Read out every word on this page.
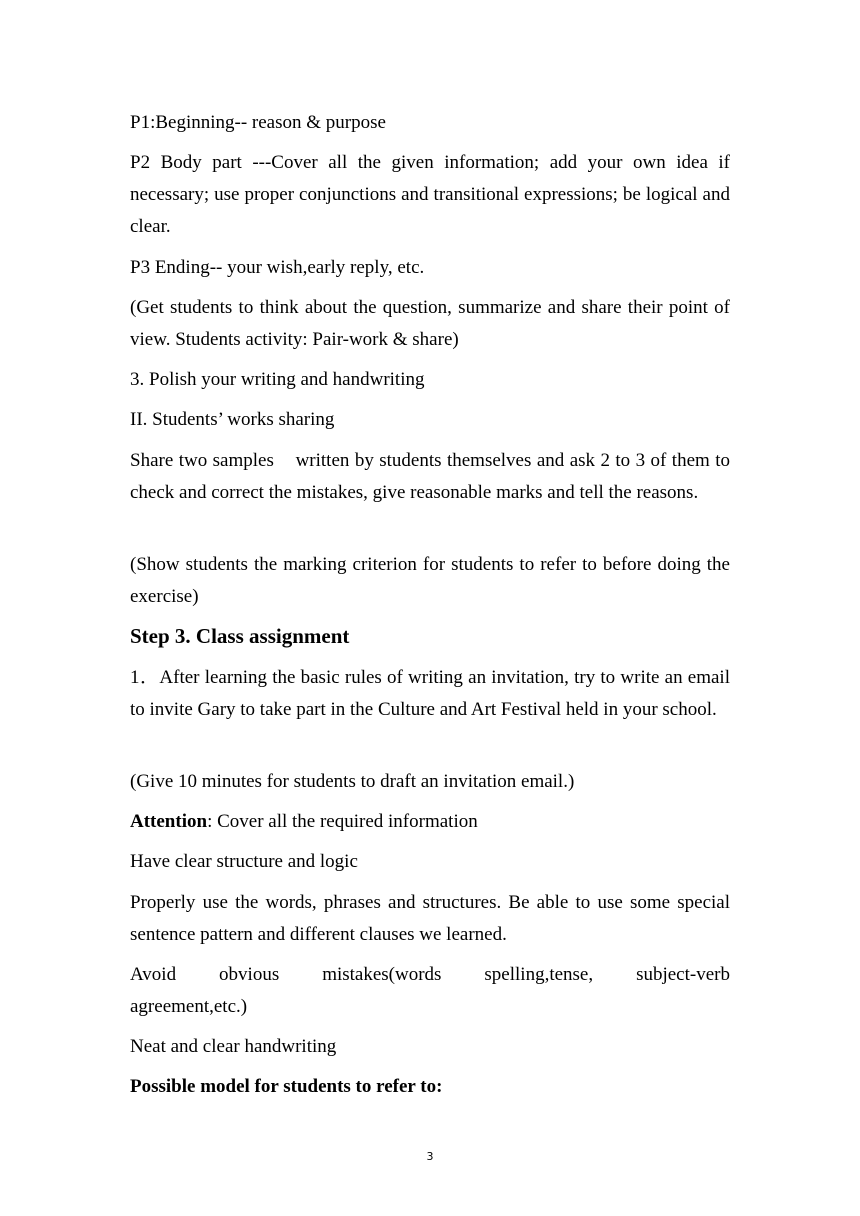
P1:Beginning-- reason & purpose

P2 Body part ---Cover all the given information; add your own idea if necessary; use proper conjunctions and transitional expressions; be logical and clear.

P3 Ending-- your wish,early reply, etc.

(Get students to think about the question, summarize and share their point of view. Students activity: Pair-work & share)

3. Polish your writing and handwriting

II. Students’ works sharing

Share two samples    written by students themselves and ask 2 to 3 of them to check and correct the mistakes, give reasonable marks and tell the reasons.

(Show students the marking criterion for students to refer to before doing the exercise)

Step 3. Class assignment

1．After learning the basic rules of writing an invitation, try to write an email to invite Gary to take part in the Culture and Art Festival held in your school.

(Give 10 minutes for students to draft an invitation email.)

Attention: Cover all the required information

Have clear structure and logic

Properly use the words, phrases and structures. Be able to use some special sentence pattern and different clauses we learned.

Avoid obvious mistakes(words spelling,tense, subject-verb
agreement,etc.)

Neat and clear handwriting

Possible model for students to refer to:

3
